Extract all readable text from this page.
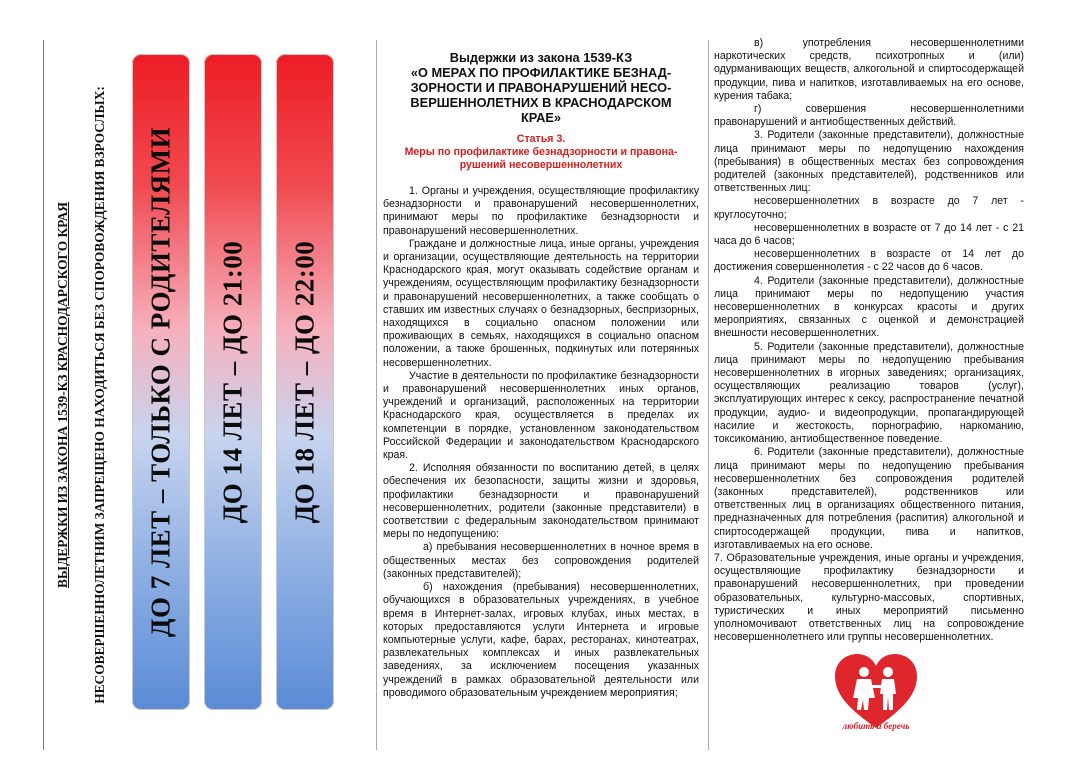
ВЫДЕРЖКИ ИЗ ЗАКОНА 1539-КЗ КРАСНОДАРСКОГО КРАЯ НЕСОВЕРШЕННОЛЕТНИМ ЗАПРЕЩЕНО НАХОДИТЬСЯ БЕЗ СПОРОВОЖДЕНИЯ ВЗРОСЛЫХ: ДО 7 ЛЕТ – ТОЛЬКО С РОДИТЕЛЯМИ ДО 14 ЛЕТ – ДО 21:00 ДО 18 ЛЕТ – ДО 22:00

Выдержки из закона 1539-КЗ
«О МЕРАХ ПО ПРОФИЛАКТИКЕ БЕЗНАД-
ЗОРНОСТИ И ПРАВОНАРУШЕНИЙ НЕСО-
ВЕРШЕННОЛЕТНИХ В КРАСНОДАРСКОМ
КРАЕ»

Статья 3.
Меры по профилактике безнадзорности и правона-
рушений несовершеннолетних

1. Органы и учреждения, осуществляющие профилактику безнадзорности и правонарушений несовершеннолетних, принимают меры по профилактике безнадзорности и правонарушений несовершеннолетних.

Граждане и должностные лица, иные органы, учреждения и организации, осуществляющие деятельность на территории Краснодарского края, могут оказывать содействие органам и учреждениям, осуществляющим профилактику безнадзорности и правонарушений несовершеннолетних, а также сообщать о ставших им известных случаях о безнадзорных, беспризорных, находящихся в социально опасном положении или проживающих в семьях, находящихся в социально опасном положении, а также брошенных, подкинутых или потерянных несовершеннолетних.

Участие в деятельности по профилактике безнадзорности и правонарушений несовершеннолетних иных органов, учреждений и организаций, расположенных на территории Краснодарского края, осуществляется в пределах их компетенции в порядке, установленном законодательством Российской Федерации и законодательством Краснодарского края.

2. Исполняя обязанности по воспитанию детей, в целях обеспечения их безопасности, защиты жизни и здоровья, профилактики безнадзорности и правонарушений несовершеннолетних, родители (законные представители) в соответствии с федеральным законодательством принимают меры по недопущению:

а) пребывания несовершеннолетних в ночное время в общественных местах без сопровождения родителей (законных представителей);

б) нахождения (пребывания) несовершеннолетних, обучающихся в образовательных учреждениях, в учебное время в Интернет-залах, игровых клубах, иных местах, в которых предоставляются услуги Интернета и игровые компьютерные услуги, кафе, барах, ресторанах, кинотеатрах, развлекательных комплексах и иных развлекательных заведениях, за исключением посещения указанных учреждений в рамках образовательной деятельности или проводимого образовательным учреждением мероприятия;

в) употребления несовершеннолетними наркотических средств, психотропных и (или) одурманивающих веществ, алкогольной и спиртосодержащей продукции, пива и напитков, изготавливаемых на его основе, курения табака;

г) совершения несовершеннолетними правонарушений и антиобщественных действий.

3. Родители (законные представители), должностные лица принимают меры по недопущению нахождения (пребывания) в общественных местах без сопровождения родителей (законных представителей), родственников или ответственных лиц:

несовершеннолетних в возрасте до 7 лет - круглосуточно;

несовершеннолетних в возрасте от 7 до 14 лет - с 21 часа до 6 часов;

несовершеннолетних в возрасте от 14 лет до достижения совершеннолетия - с 22 часов до 6 часов.

4. Родители (законные представители), должностные лица принимают меры по недопущению участия несовершеннолетних в конкурсах красоты и других мероприятиях, связанных с оценкой и демонстрацией внешности несовершеннолетних.

5. Родители (законные представители), должностные лица принимают меры по недопущению пребывания несовершеннолетних в игорных заведениях; организациях, осуществляющих реализацию товаров (услуг), эксплуатирующих интерес к сексу, распространение печатной продукции, аудио- и видеопродукции, пропагандирующей насилие и жестокость, порнографию, наркоманию, токсикоманию, антиобщественное поведение.

6. Родители (законные представители), должностные лица принимают меры по недопущению пребывания несовершеннолетних без сопровождения родителей (законных представителей), родственников или ответственных лиц в организациях общественного питания, предназначенных для потребления (распития) алкогольной и спиртосодержащей продукции, пива и напитков, изготавливаемых на его основе.

7. Образовательные учреждения, иные органы и учреждения, осуществляющие профилактику безнадзорности и правонарушений несовершеннолетних, при проведении образовательных, культурно-массовых, спортивных, туристических и иных мероприятий письменно уполномочивают ответственных лиц на сопровождение несовершеннолетнего или группы несовершеннолетних.

любить и беречь
